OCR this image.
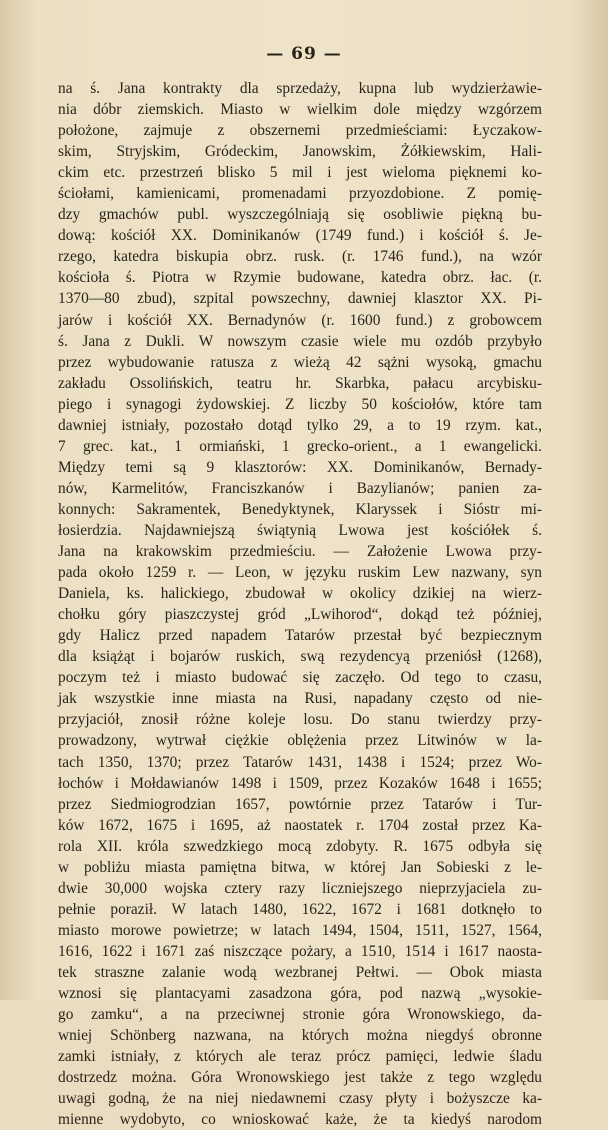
— 69 —
na ś. Jana kontrakty dla sprzedaży, kupna lub wydzierżawie-
nia dóbr ziemskich. Miasto w wielkim dole między wzgórzem
położone, zajmuje z obszernemi przedmieściami: Łyczakow-
skim, Stryjskim, Gródeckim, Janowskim, Żółkiewskim, Hali-
ckim etc. przestrzeń blisko 5 mil i jest wieloma pięknemi ko-
ściołami, kamienicami, promenadami przyozdobione. Z pomię-
dzy gmachów publ. wyszczególniają się osobliwie piękną bu-
dową: kościół XX. Dominikanów (1749 fund.) i kościół ś. Je-
rzego, katedra biskupia obrz. rusk. (r. 1746 fund.), na wzór
kościoła ś. Piotra w Rzymie budowane, katedra obrz. łac. (r.
1370—80 zbud), szpital powszechny, dawniej klasztor XX. Pi-
jarów i kościół XX. Bernadynów (r. 1600 fund.) z grobowcem
ś. Jana z Dukli. W nowszym czasie wiele mu ozdób przybyło
przez wybudowanie ratusza z wieżą 42 sążni wysoką, gmachu
zakładu Ossolińskich, teatru hr. Skarbka, pałacu arcybisku-
piego i synagogi żydowskiej. Z liczby 50 kościołów, które tam
dawniej istniały, pozostało dotąd tylko 29, a to 19 rzym. kat.,
7 grec. kat., 1 ormiański, 1 grecko-orient., a 1 ewangelicki.
Między temi są 9 klasztorów: XX. Dominikanów, Bernady-
nów, Karmelitów, Franciszkanów i Bazylianów; panien za-
konnych: Sakramentek, Benedyktynek, Klaryssek i Sióstr mi-
łosierdzia. Najdawniejszą świątynią Lwowa jest kościółek ś.
Jana na krakowskim przedmieściu. — Założenie Lwowa przy-
pada około 1259 r. — Leon, w języku ruskim Lew nazwany, syn
Daniela, ks. halickiego, zbudował w okolicy dzikiej na wierz-
chołku góry piaszczystej gród „Lwihorod“, dokąd też później,
gdy Halicz przed napadem Tatarów przestał być bezpiecznym
dla książąt i bojarów ruskich, swą rezydencyą przeniósł (1268),
poczym też i miasto budować się zaczęło. Od tego to czasu,
jak wszystkie inne miasta na Rusi, napadany często od nie-
przyjaciół, znosił różne koleje losu. Do stanu twierdzy przy-
prowadzony, wytrwał ciężkie oblężenia przez Litwinów w la-
tach 1350, 1370; przez Tatarów 1431, 1438 i 1524; przez Wo-
łochów i Mołdawianów 1498 i 1509, przez Kozaków 1648 i 1655;
przez Siedmiogrodzian 1657, powtórnie przez Tatarów i Tur-
ków 1672, 1675 i 1695, aż naostatek r. 1704 został przez Ka-
rola XII. króla szwedzkiego mocą zdobyty. R. 1675 odbyła się
w pobliżu miasta pamiętna bitwa, w której Jan Sobieski z le-
dwie 30,000 wojska cztery razy liczniejszego nieprzyjaciela zu-
pełnie poraził. W latach 1480, 1622, 1672 i 1681 dotknęło to
miasto morowe powietrze; w latach 1494, 1504, 1511, 1527, 1564,
1616, 1622 i 1671 zaś niszczące pożary, a 1510, 1514 i 1617 naosta-
tek straszne zalanie wodą wezbranej Pełtwi. — Obok miasta
wznosi się plantacyami zasadzona góra, pod nazwą „wysokie-
go zamku“, a na przeciwnej stronie góra Wronowskiego, da-
wniej Schönberg nazwana, na których można niegdyś obronne
zamki istniały, z których ale teraz prócz pamięci, ledwie śladu
dostrzedz można. Góra Wronowskiego jest także z tego względu
uwagi godną, że na niej niedawnemi czasy płyty i bożyszcze ka-
mienne wydobyto, co wnioskować każe, że ta kiedyś narodom
